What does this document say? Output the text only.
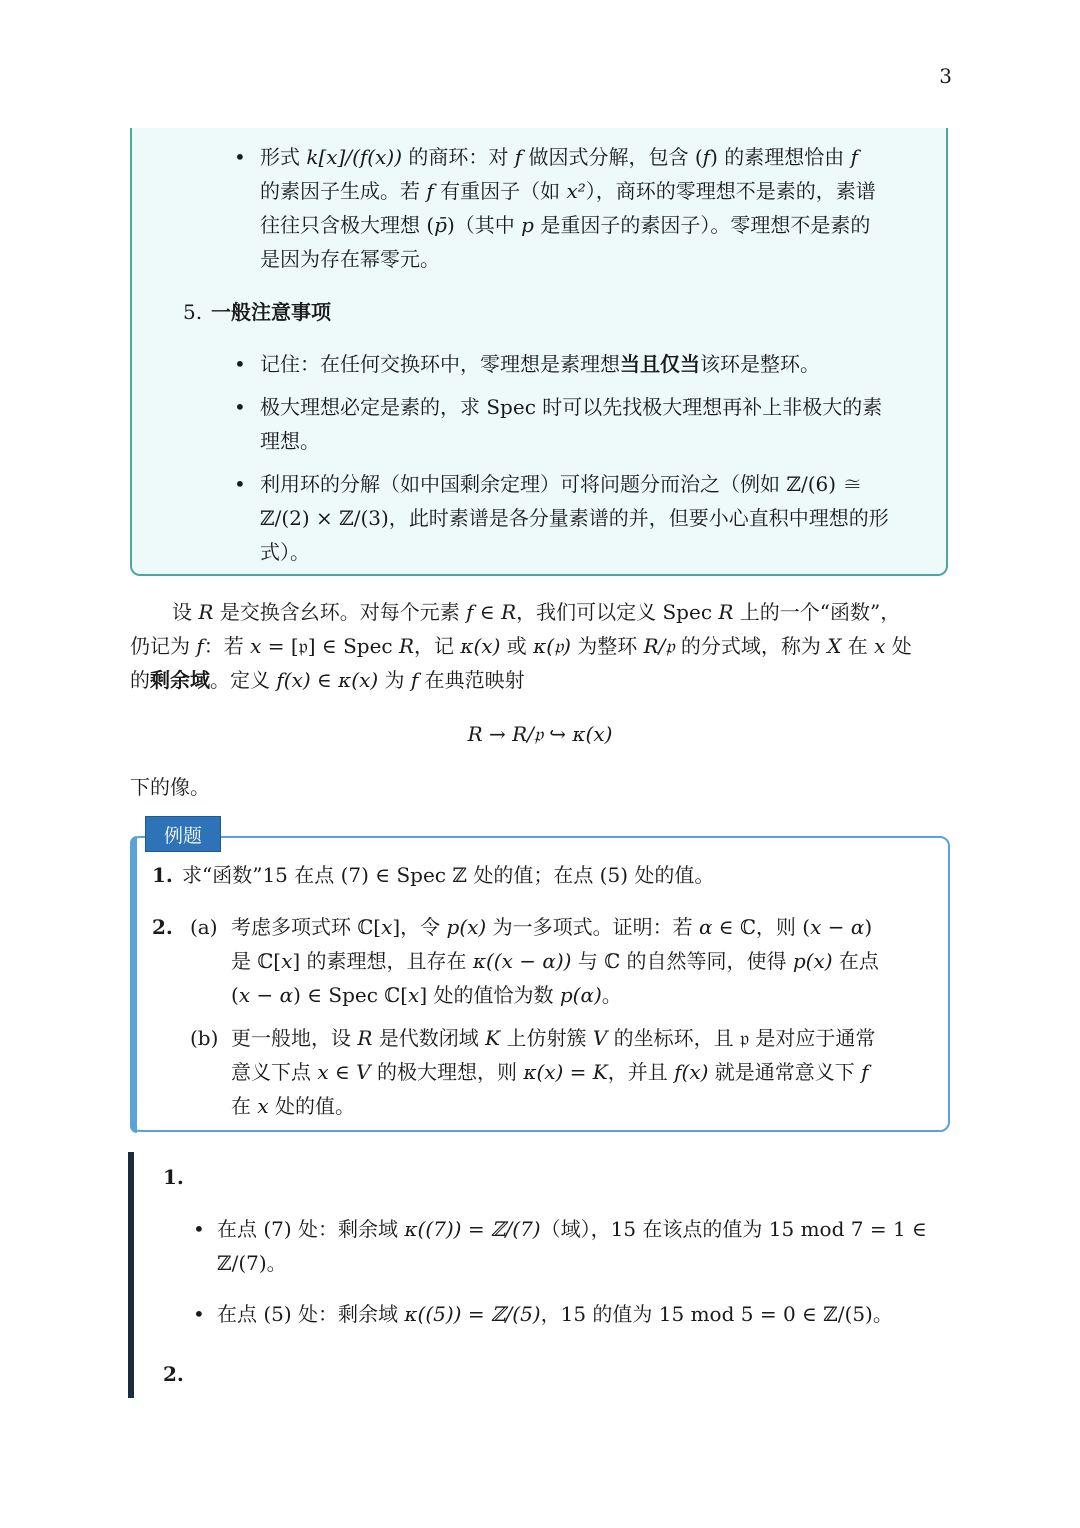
3
• 形式 k[x]/(f(x)) 的商环：对 f 做因式分解，包含 (f) 的素理想恰由 f
的素因子生成。若 f 有重因子（如 x²），商环的零理想不是素的，素谱
往往只含极大理想 (p̄)（其中 p 是重因子的素因子）。零理想不是素的
是因为存在幂零元。
5. 一般注意事项
• 记住：在任何交换环中，零理想是素理想当且仅当该环是整环。
• 极大理想必定是素的，求 Spec 时可以先找极大理想再补上非极大的素
理想。
• 利用环的分解（如中国剩余定理）可将问题分而治之（例如 ℤ/(6) ≅
ℤ/(2) × ℤ/(3)，此时素谱是各分量素谱的并，但要小心直积中理想的形
式）。
设 R 是交换含幺环。对每个元素 f ∈ R，我们可以定义 Spec R 上的一个“函数”，
仍记为 f：若 x = [𝔭] ∈ Spec R，记 κ(x) 或 κ(𝔭) 为整环 R/𝔭 的分式域，称为 X 在 x 处
的剩余域。定义 f(x) ∈ κ(x) 为 f 在典范映射
R → R/𝔭 ↪ κ(x)
下的像。
例题
1. 求“函数”15 在点 (7) ∈ Spec ℤ 处的值；在点 (5) 处的值。
2. (a) 考虑多项式环 ℂ[x]，令 p(x) 为一多项式。证明：若 α ∈ ℂ，则 (x − α)
是 ℂ[x] 的素理想，且存在 κ((x − α)) 与 ℂ 的自然等同，使得 p(x) 在点
(x − α) ∈ Spec ℂ[x] 处的值恰为数 p(α)。
(b) 更一般地，设 R 是代数闭域 K 上仿射簇 V 的坐标环，且 𝔭 是对应于通常
意义下点 x ∈ V 的极大理想，则 κ(x) = K，并且 f(x) 就是通常意义下 f
在 x 处的值。
1.
• 在点 (7) 处：剩余域 κ((7)) = ℤ/(7)（域），15 在该点的值为 15 mod 7 = 1 ∈
ℤ/(7)。
• 在点 (5) 处：剩余域 κ((5)) = ℤ/(5)，15 的值为 15 mod 5 = 0 ∈ ℤ/(5)。
2.
